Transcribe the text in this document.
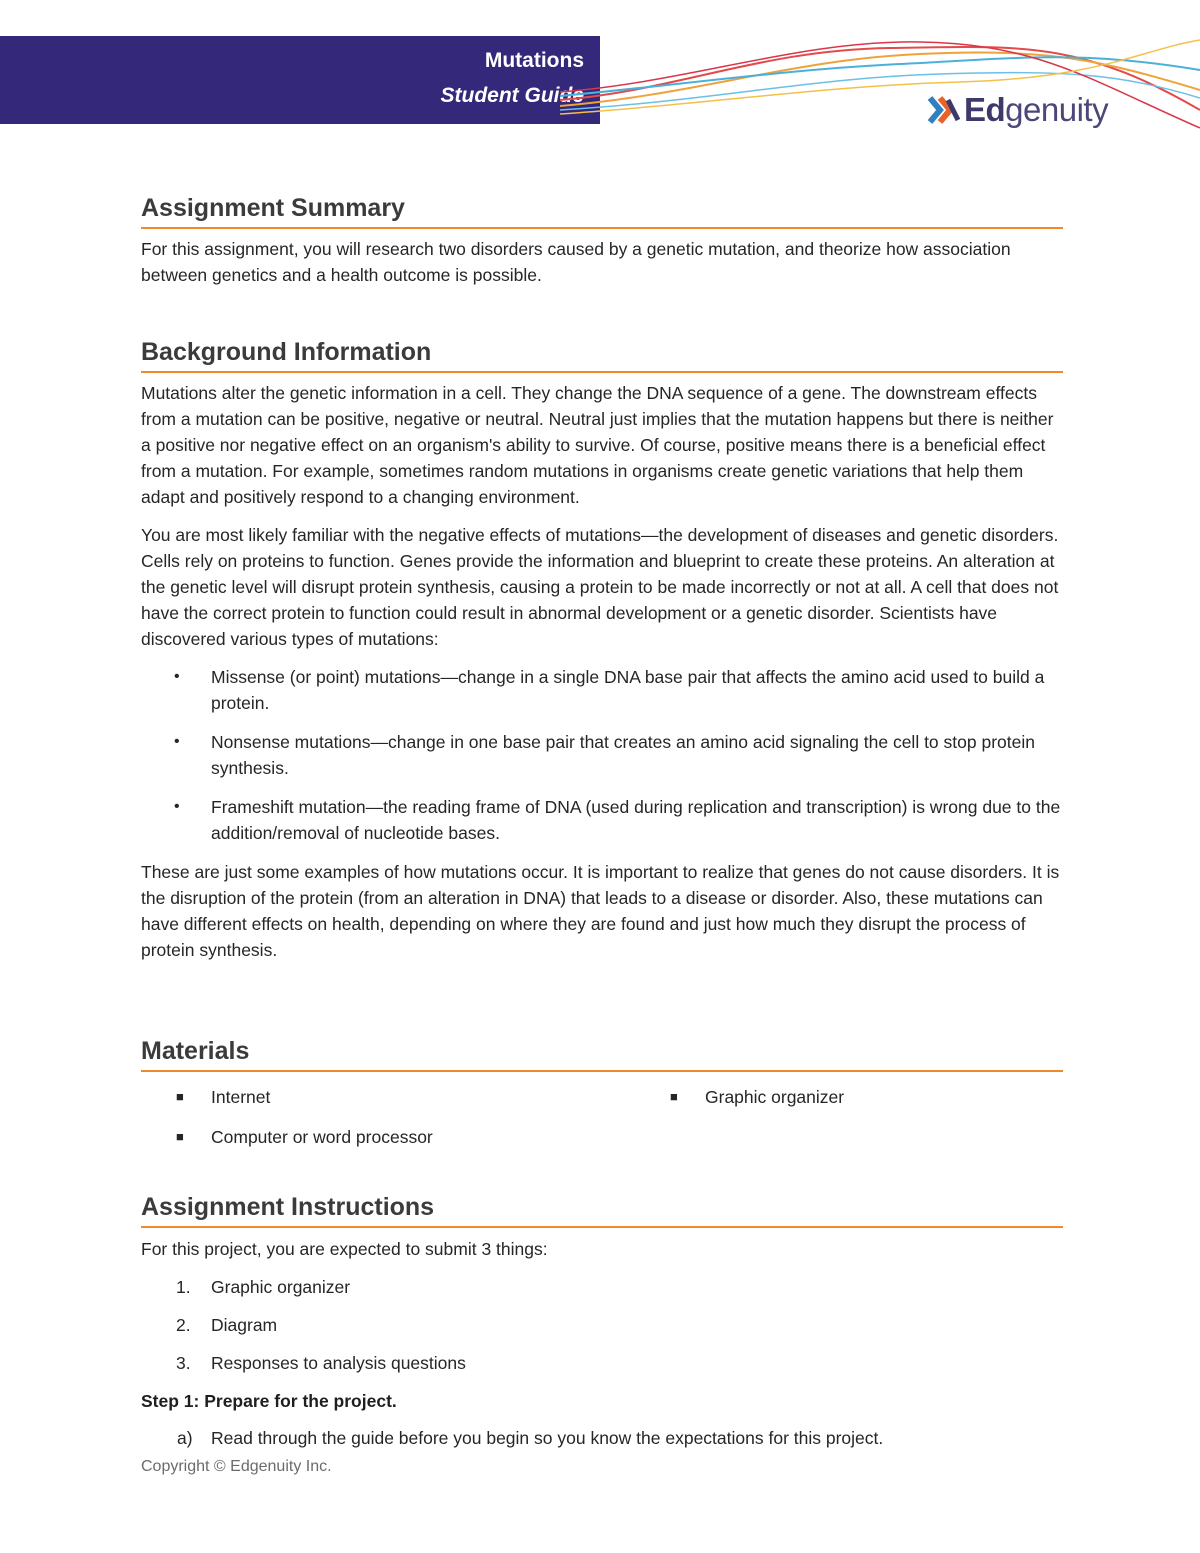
Mutations
Student Guide	Edgenuity
Assignment Summary

For this assignment, you will research two disorders caused by a genetic mutation, and theorize how association between genetics and a health outcome is possible.

Background Information

Mutations alter the genetic information in a cell. They change the DNA sequence of a gene. The downstream effects from a mutation can be positive, negative or neutral. Neutral just implies that the mutation happens but there is neither a positive nor negative effect on an organism's ability to survive. Of course, positive means there is a beneficial effect from a mutation. For example, sometimes random mutations in organisms create genetic variations that help them adapt and positively respond to a changing environment.

You are most likely familiar with the negative effects of mutations—the development of diseases and genetic disorders. Cells rely on proteins to function. Genes provide the information and blueprint to create these proteins. An alteration at the genetic level will disrupt protein synthesis, causing a protein to be made incorrectly or not at all. A cell that does not have the correct protein to function could result in abnormal development or a genetic disorder. Scientists have discovered various types of mutations:

• Missense (or point) mutations—change in a single DNA base pair that affects the amino acid used to build a protein.
• Nonsense mutations—change in one base pair that creates an amino acid signaling the cell to stop protein synthesis.
• Frameshift mutation—the reading frame of DNA (used during replication and transcription) is wrong due to the addition/removal of nucleotide bases.

These are just some examples of how mutations occur. It is important to realize that genes do not cause disorders. It is the disruption of the protein (from an alteration in DNA) that leads to a disease or disorder. Also, these mutations can have different effects on health, depending on where they are found and just how much they disrupt the process of protein synthesis.

Materials
■ Internet	■ Graphic organizer
■ Computer or word processor
Assignment Instructions

For this project, you are expected to submit 3 things:

1. Graphic organizer
2. Diagram
3. Responses to analysis questions
Step 1: Prepare for the project.
a) Read through the guide before you begin so you know the expectations for this project.
Copyright © Edgenuity Inc.
